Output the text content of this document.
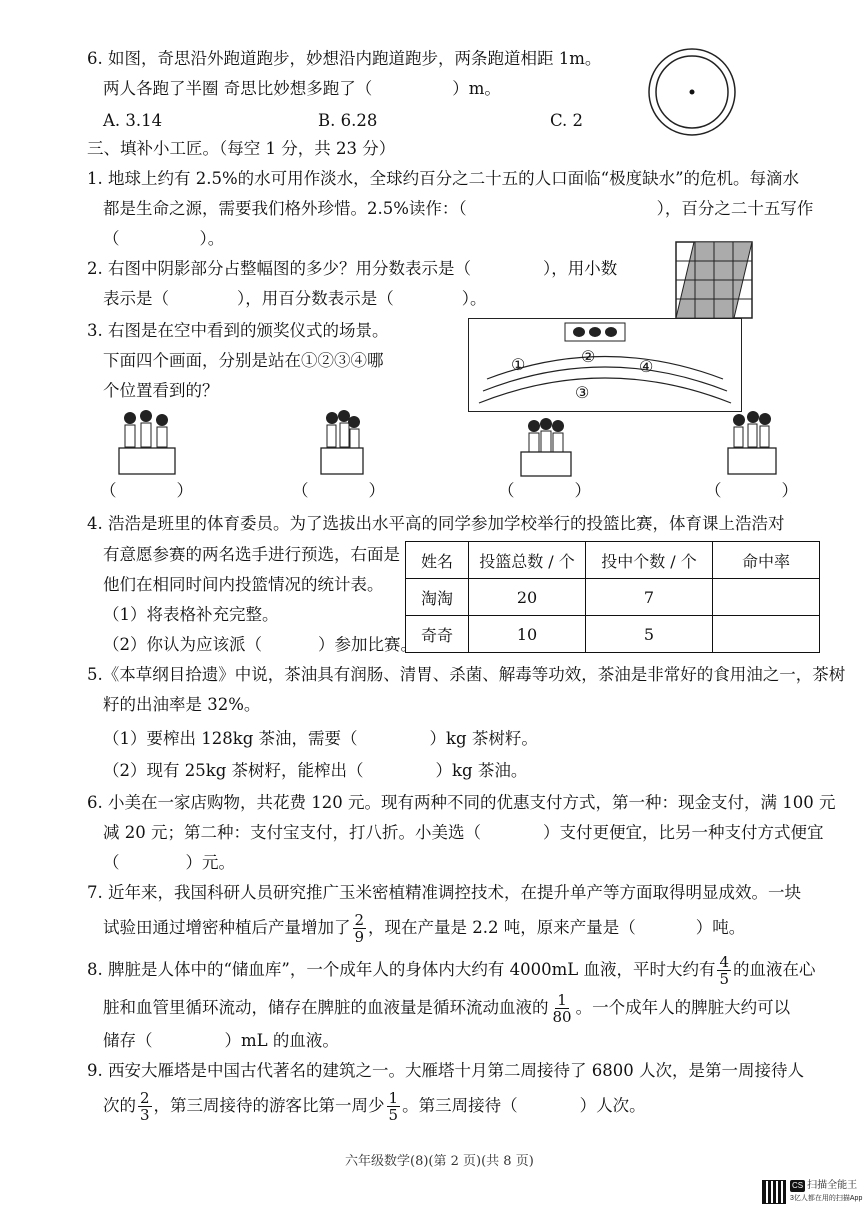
6. 如图，奇思沿外跑道跑步，妙想沿内跑道跑步，两条跑道相距 1m。
两人各跑了半圈 奇思比妙想多跑了（	）m。
A. 3.14	B. 6.28	C. 2
三、填补小工匠。（每空 1 分，共 23 分）
1. 地球上约有 2.5%的水可用作淡水，全球约百分之二十五的人口面临“极度缺水”的危机。每滴水
都是生命之源，需要我们格外珍惜。2.5%读作：（	），百分之二十五写作
（	）。
2. 右图中阴影部分占整幅图的多少？用分数表示是（	），用小数
表示是（	），用百分数表示是（	）。
3. 右图是在空中看到的颁奖仪式的场景。
下面四个画面，分别是站在①②③④哪
个位置看到的？
①	②
④
③
（	）	（	）	（	）	（	）
4. 浩浩是班里的体育委员。为了选拔出水平高的同学参加学校举行的投篮比赛，体育课上浩浩对
有意愿参赛的两名选手进行预选，右面是
他们在相同时间内投篮情况的统计表。
（1）将表格补充完整。
（2）你认为应该派（	）参加比赛。
姓名	投篮总数 / 个	投中个数 / 个	命中率
淘淘	20	7	
奇奇	10	5	
5.《本草纲目拾遗》中说，茶油具有润肠、清胃、杀菌、解毒等功效，茶油是非常好的食用油之一，茶树
籽的出油率是 32%。
（1）要榨出 128kg 茶油，需要（	）kg 茶树籽。
（2）现有 25kg 茶树籽，能榨出（	）kg 茶油。
6. 小美在一家店购物，共花费 120 元。现有两种不同的优惠支付方式，第一种：现金支付，满 100 元
减 20 元；第二种：支付宝支付，打八折。小美选（	）支付更便宜，比另一种支付方式便宜
（	）元。
7. 近年来，我国科研人员研究推广玉米密植精准调控技术，在提升单产等方面取得明显成效。一块
试验田通过增密种植后产量增加了 $\frac{2}{9}$ ，现在产量是 2.2 吨，原来产量是（	）吨。
8. 脾脏是人体中的“储血库”，一个成年人的身体内大约有 4000mL 血液，平时大约有 $\frac{4}{5}$ 的血液在心
脏和血管里循环流动，储存在脾脏的血液量是循环流动血液的 $\frac{1}{80}$ 。一个成年人的脾脏大约可以
储存（	）mL 的血液。
9. 西安大雁塔是中国古代著名的建筑之一。大雁塔十月第二周接待了 6800 人次，是第一周接待人
次的 $\frac{2}{3}$ ，第三周接待的游客比第一周少 $\frac{1}{5}$ 。第三周接待（	）人次。
六年级数学(8)(第 2 页)(共 8 页)
CS 扫描全能王
3亿人都在用的扫描App
